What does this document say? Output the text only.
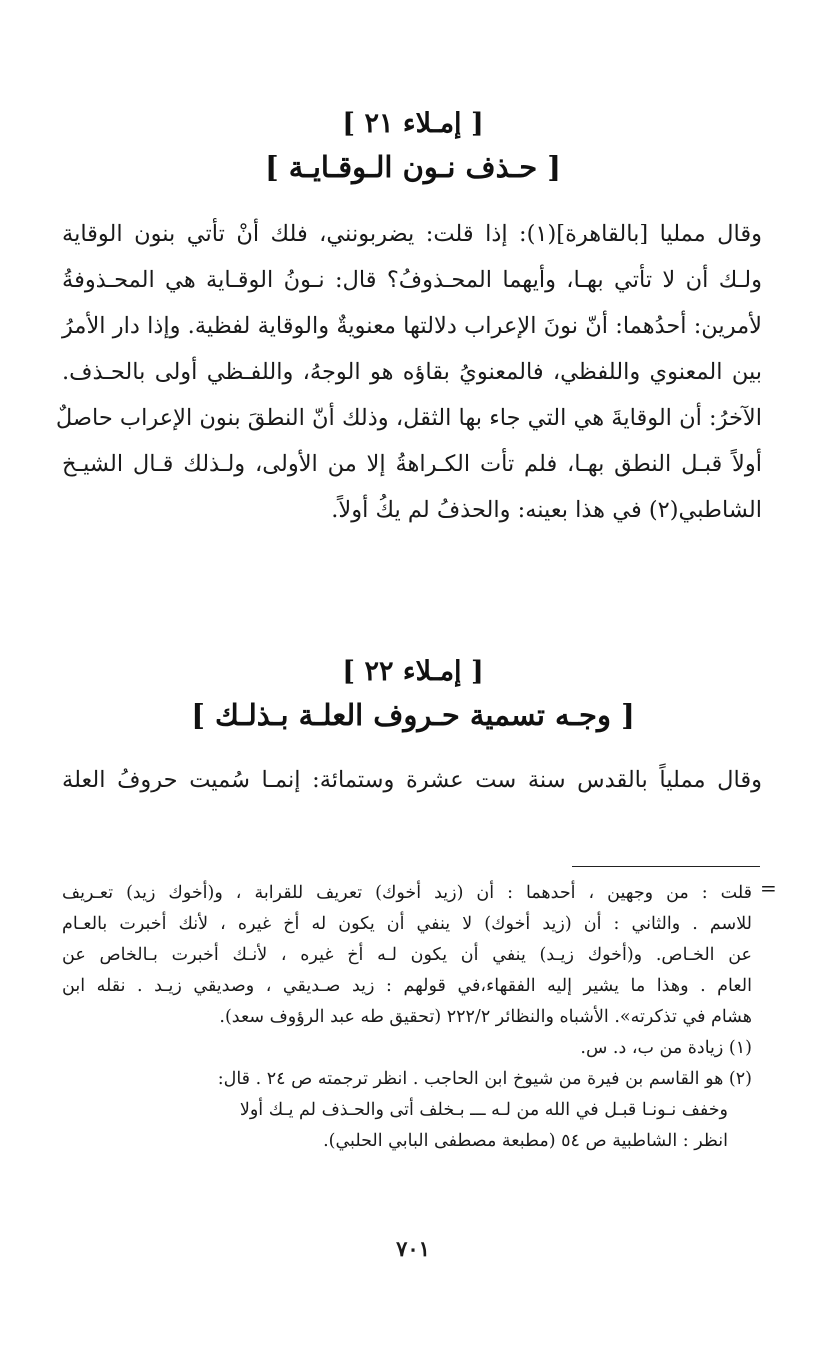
[ إمـلاء ٢١ ]
[ حـذف نـون الـوقـايـة ]
وقال ممليا [بالقاهرة](١): إذا قلت: يضربونني، فلك أنْ تأتي بنون الوقاية
ولـك أن لا تأتي بهـا، وأيهما المحـذوفُ؟ قال: نـونُ الوقـاية هي المحـذوفةُ
لأمرين: أحدُهما: أنّ نونَ الإعراب دلالتها معنويةٌ والوقاية لفظية. وإذا دار الأمرُ
بين المعنوي واللفظي، فالمعنويُ بقاؤه هو الوجهُ، واللفـظي أولى بالحـذف.
الآخرُ: أن الوقايةَ هي التي جاء بها الثقل، وذلك أنّ النطقَ بنون الإعراب حاصلٌ
أولاً قبـل النطق بهـا، فلم تأت الكـراهةُ إلا من الأولى، ولـذلك قـال الشيـخ
الشاطبي(٢) في هذا بعينه: والحذفُ لم يكُ أولاً.
[ إمـلاء ٢٢ ]
[ وجـه تسمية حـروف العلـة بـذلـك ]
وقال مملياً بالقدس سنة ست عشرة وستمائة: إنمـا سُميت حروفُ العلة
=
قلت : من وجهين ، أحدهما : أن (زيد أخوك) تعريف للقرابة ، و(أخوك زيد) تعـريف
للاسم . والثاني : أن (زيد أخوك) لا ينفي أن يكون له أخ غيره ، لأنك أخبرت بالعـام
عن الخـاص. و(أخوك زيـد) ينفي أن يكون لـه أخ غيره ، لأنـك أخبرت بـالخاص عن
العام . وهذا ما يشير إليه الفقهاء،في قولهم : زيد صـديقي ، وصديقي زيـد . نقله ابن
هشام في تذكرته». الأشباه والنظائر ٢٢٢/٢ (تحقيق طه عبد الرؤوف سعد).
(١) زيادة من ب، د. س.
(٢) هو القاسم بن فيرة من شيوخ ابن الحاجب . انظر ترجمته ص ٢٤ . قال:
وخفف نـونـا قبـل في الله من لـه ـــ بـخلف أتى والحـذف لم يـك أولا
انظر : الشاطبية ص ٥٤ (مطبعة مصطفى البابي الحلبي).
٧٠١
